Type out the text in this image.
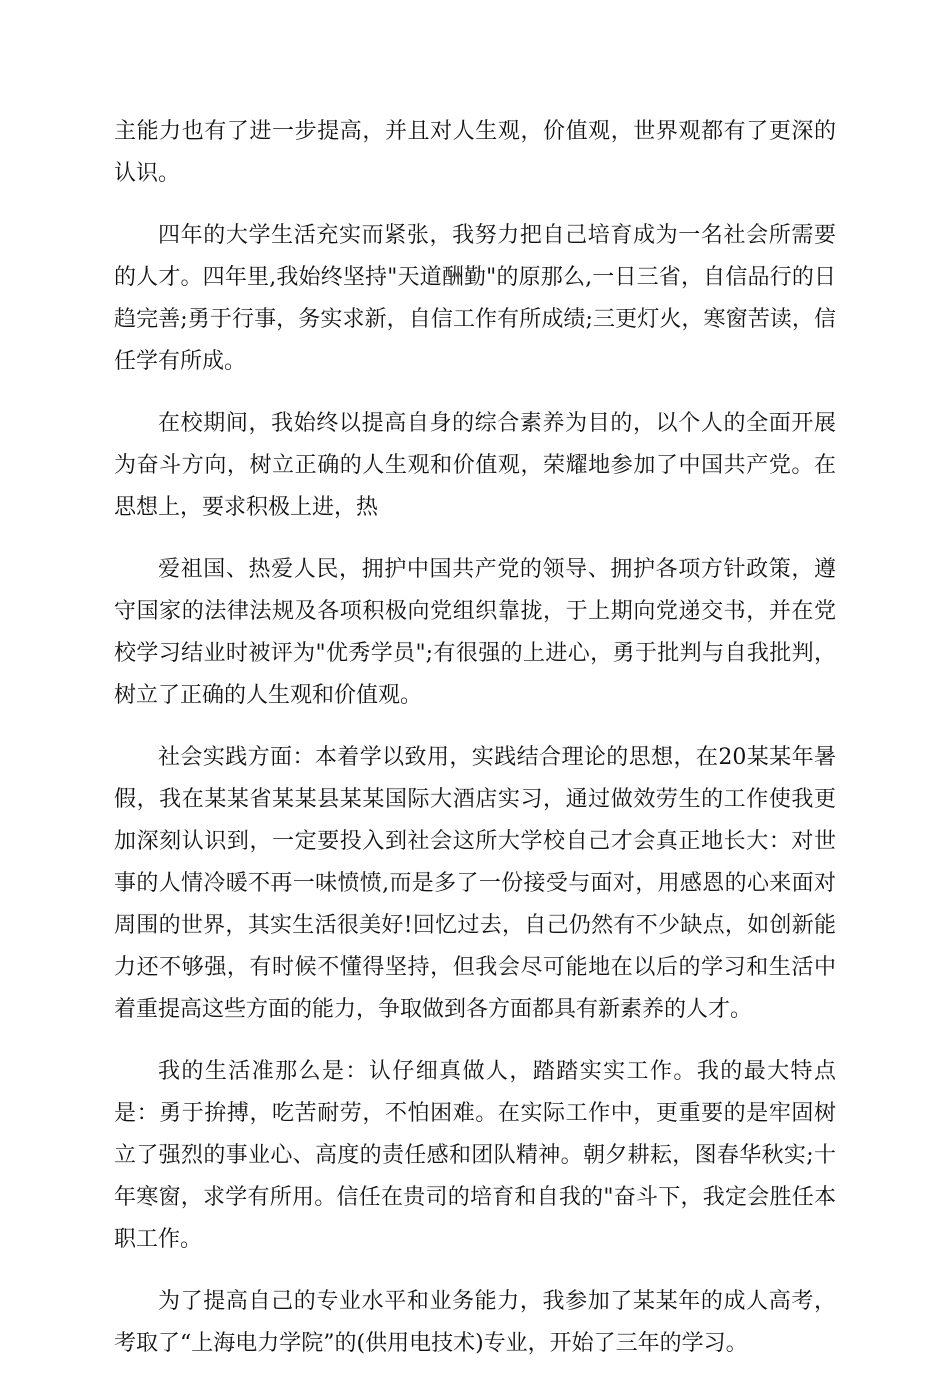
主能力也有了进一步提高，并且对人生观，价值观，世界观都有了更深的认识。

四年的大学生活充实而紧张，我努力把自己培育成为一名社会所需要的人才。四年里,我始终坚持"天道酬勤"的原那么,一日三省，自信品行的日趋完善;勇于行事，务实求新，自信工作有所成绩;三更灯火，寒窗苦读，信任学有所成。

在校期间，我始终以提高自身的综合素养为目的，以个人的全面开展为奋斗方向，树立正确的人生观和价值观，荣耀地参加了中国共产党。在思想上，要求积极上进，热

爱祖国、热爱人民，拥护中国共产党的领导、拥护各项方针政策，遵守国家的法律法规及各项积极向党组织靠拢，于上期向党递交书，并在党校学习结业时被评为"优秀学员";有很强的上进心，勇于批判与自我批判，树立了正确的人生观和价值观。

社会实践方面：本着学以致用，实践结合理论的思想，在20某某年暑假，我在某某省某某县某某国际大酒店实习，通过做效劳生的工作使我更加深刻认识到，一定要投入到社会这所大学校自己才会真正地长大：对世事的人情冷暖不再一味愤愤,而是多了一份接受与面对，用感恩的心来面对周围的世界，其实生活很美好!回忆过去，自己仍然有不少缺点，如创新能力还不够强，有时候不懂得坚持，但我会尽可能地在以后的学习和生活中着重提高这些方面的能力，争取做到各方面都具有新素养的人才。

我的生活准那么是：认仔细真做人，踏踏实实工作。我的最大特点是：勇于拚搏，吃苦耐劳，不怕困难。在实际工作中，更重要的是牢固树立了强烈的事业心、高度的责任感和团队精神。朝夕耕耘，图春华秋实;十年寒窗，求学有所用。信任在贵司的培育和自我的"奋斗下，我定会胜任本职工作。

为了提高自己的专业水平和业务能力，我参加了某某年的成人高考，考取了“上海电力学院”的(供用电技术)专业，开始了三年的学习。
